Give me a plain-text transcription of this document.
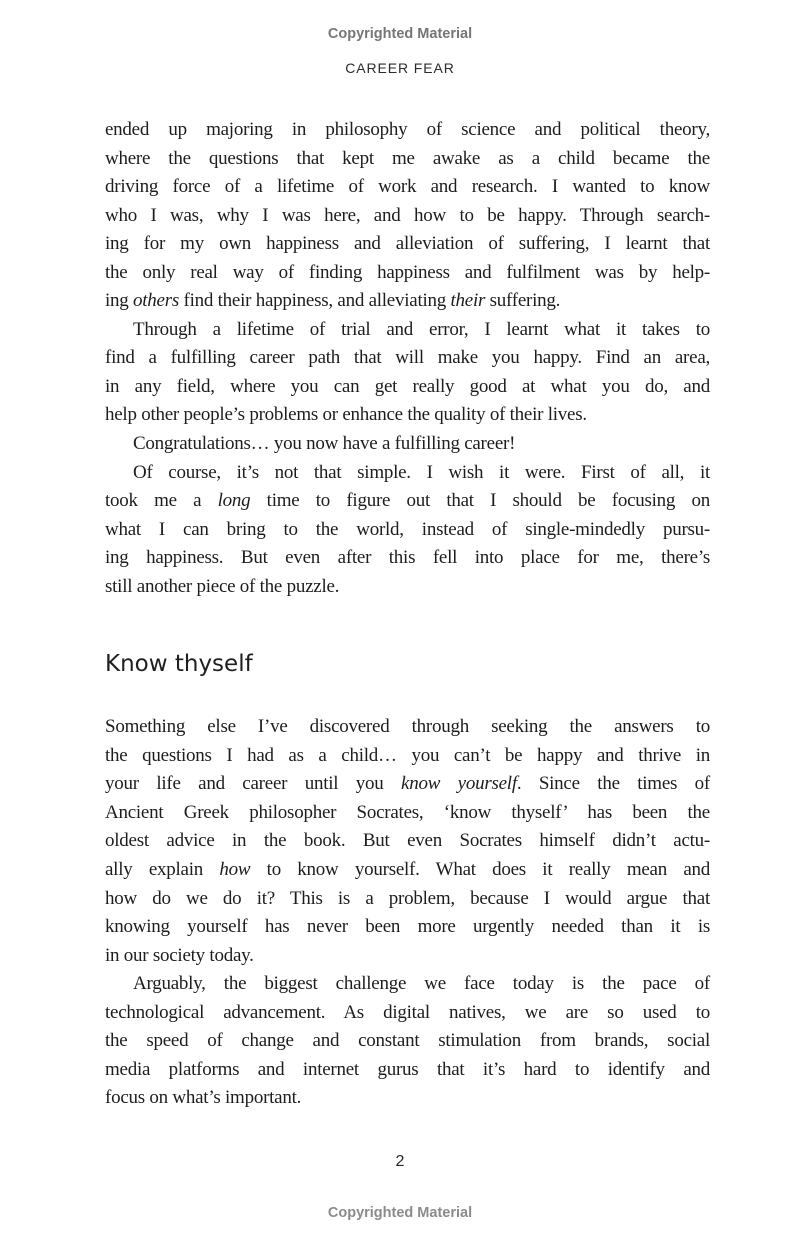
Copyrighted Material
CAREER FEAR
ended up majoring in philosophy of science and political theory,
where the questions that kept me awake as a child became the
driving force of a lifetime of work and research. I wanted to know
who I was, why I was here, and how to be happy. Through search-
ing for my own happiness and alleviation of suffering, I learnt that
the only real way of finding happiness and fulfilment was by help-
ing others find their happiness, and alleviating their suffering.
Through a lifetime of trial and error, I learnt what it takes to
find a fulfilling career path that will make you happy. Find an area,
in any field, where you can get really good at what you do, and
help other people’s problems or enhance the quality of their lives.
Congratulations… you now have a fulfilling career!
Of course, it’s not that simple. I wish it were. First of all, it
took me a long time to figure out that I should be focusing on
what I can bring to the world, instead of single-mindedly pursu-
ing happiness. But even after this fell into place for me, there’s
still another piece of the puzzle.
Know thyself
Something else I’ve discovered through seeking the answers to
the questions I had as a child… you can’t be happy and thrive in
your life and career until you know yourself. Since the times of
Ancient Greek philosopher Socrates, ‘know thyself’ has been the
oldest advice in the book. But even Socrates himself didn’t actu-
ally explain how to know yourself. What does it really mean and
how do we do it? This is a problem, because I would argue that
knowing yourself has never been more urgently needed than it is
in our society today.
Arguably, the biggest challenge we face today is the pace of
technological advancement. As digital natives, we are so used to
the speed of change and constant stimulation from brands, social
media platforms and internet gurus that it’s hard to identify and
focus on what’s important.
2
Copyrighted Material
